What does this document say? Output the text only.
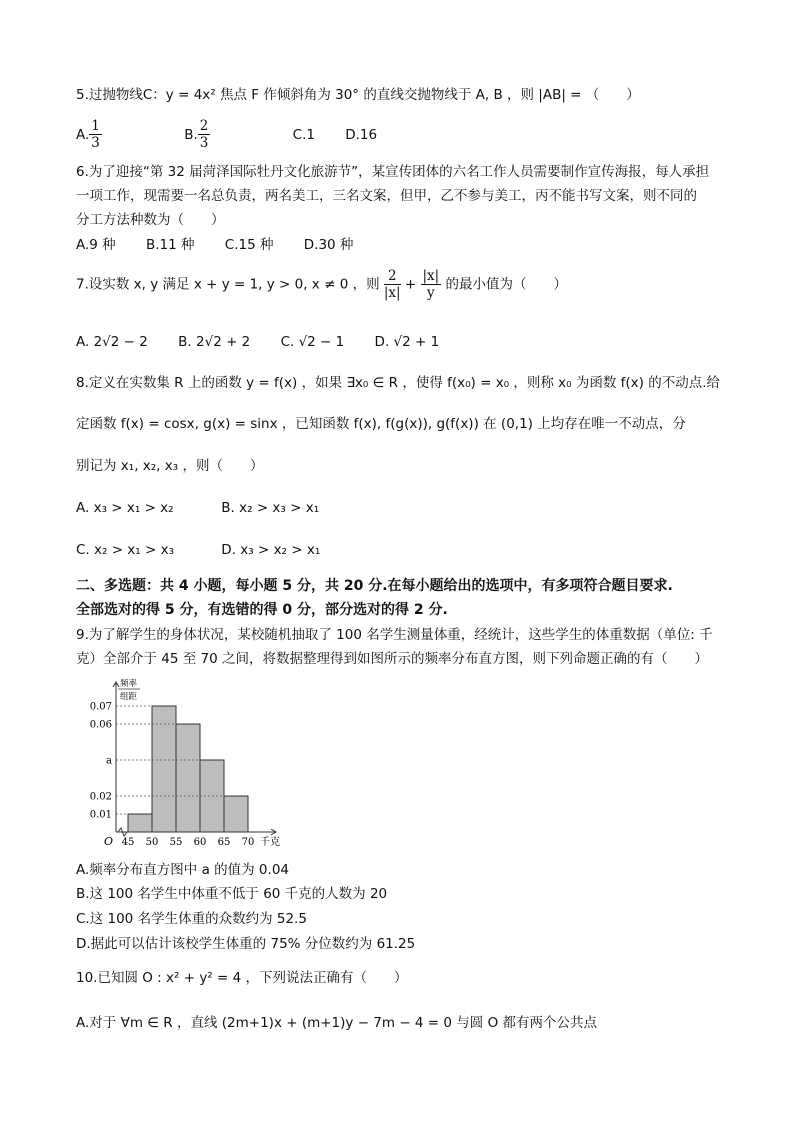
5.过抛物线C：y = 4x² 焦点 F 作倾斜角为 30° 的直线交抛物线于 A, B ，则 |AB| = （　　）
A. $\frac{1}{3}$	B. $\frac{2}{3}$	C.1 D.16
6.为了迎接“第 32 届菏泽国际牡丹文化旅游节”，某宣传团体的六名工作人员需要制作宣传海报，每人承担
一项工作，现需要一名总负责，两名美工，三名文案，但甲，乙不参与美工，丙不能书写文案，则不同的
分工方法种数为（　　）
A.9 种 B.11 种 C.15 种 D.30 种
7.设实数 x, y 满足 x + y = 1, y > 0, x ≠ 0 ，则 $\frac{2}{|x|} + \frac{|x|}{y}$ 的最小值为（　　）
A. 2√2 − 2 B. 2√2 + 2 C. √2 − 1 D. √2 + 1
8.定义在实数集 R 上的函数 y = f(x) ，如果 ∃x₀ ∈ R ，使得 f(x₀) = x₀ ，则称 x₀ 为函数 f(x) 的不动点.给
定函数 f(x) = cosx, g(x) = sinx ，已知函数 f(x), f(g(x)), g(f(x)) 在 (0,1) 上均存在唯一不动点，分
别记为 x₁, x₂, x₃ ，则（　　）
A. x₃ > x₁ > x₂	B. x₂ > x₃ > x₁
C. x₂ > x₁ > x₃	D. x₃ > x₂ > x₁
二、多选题：共 4 小题，每小题 5 分，共 20 分.在每小题给出的选项中，有多项符合题目要求.
全部选对的得 5 分，有选错的得 0 分，部分选对的得 2 分.
9.为了解学生的身体状况，某校随机抽取了 100 名学生测量体重，经统计，这些学生的体重数据（单位: 千
克）全部介于 45 至 70 之间，将数据整理得到如图所示的频率分布直方图，则下列命题正确的有（　　）
频率
组距
0.07
0.06
a
0.02
0.01
45 50 55 60 65 70 千克
O
A.频率分布直方图中 a 的值为 0.04
B.这 100 名学生中体重不低于 60 千克的人数为 20
C.这 100 名学生体重的众数约为 52.5
D.据此可以估计该校学生体重的 75% 分位数约为 61.25
10.已知圆 O : x² + y² = 4 ，下列说法正确有（　　）
A.对于 ∀m ∈ R ，直线 (2m+1)x + (m+1)y − 7m − 4 = 0 与圆 O 都有两个公共点
